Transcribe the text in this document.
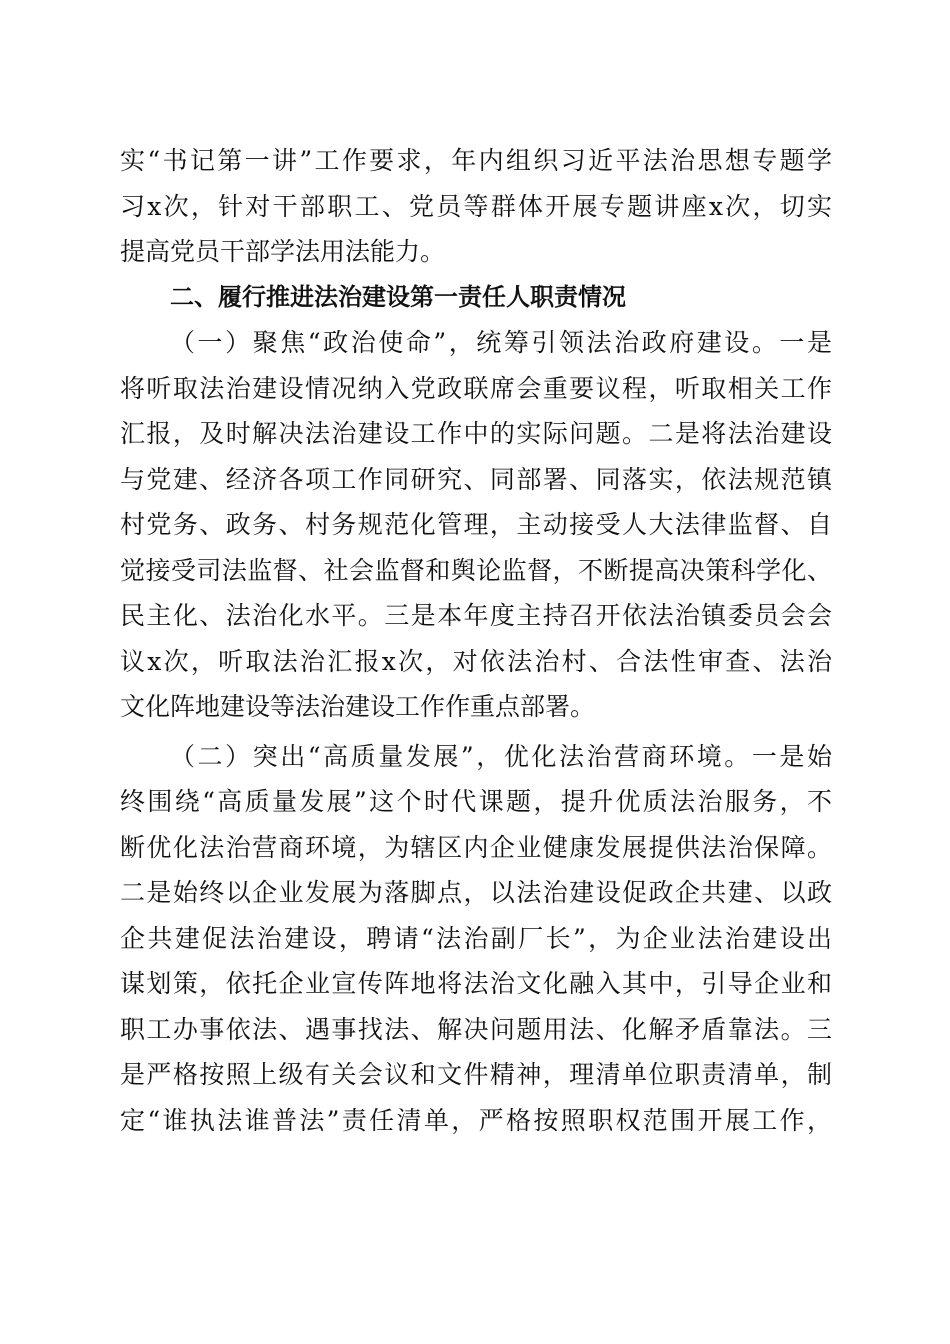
实“书记第一讲”工作要求，年内组织习近平法治思想专题学
习x次，针对干部职工、党员等群体开展专题讲座x次，切实
提高党员干部学法用法能力。
二、履行推进法治建设第一责任人职责情况
（一）聚焦“政治使命”，统筹引领法治政府建设。一是
将听取法治建设情况纳入党政联席会重要议程，听取相关工作
汇报，及时解决法治建设工作中的实际问题。二是将法治建设
与党建、经济各项工作同研究、同部署、同落实，依法规范镇
村党务、政务、村务规范化管理，主动接受人大法律监督、自
觉接受司法监督、社会监督和舆论监督，不断提高决策科学化、
民主化、法治化水平。三是本年度主持召开依法治镇委员会会
议x次，听取法治汇报x次，对依法治村、合法性审查、法治
文化阵地建设等法治建设工作作重点部署。
（二）突出“高质量发展”，优化法治营商环境。一是始
终围绕“高质量发展”这个时代课题，提升优质法治服务，不
断优化法治营商环境，为辖区内企业健康发展提供法治保障。
二是始终以企业发展为落脚点，以法治建设促政企共建、以政
企共建促法治建设，聘请“法治副厂长”，为企业法治建设出
谋划策，依托企业宣传阵地将法治文化融入其中，引导企业和
职工办事依法、遇事找法、解决问题用法、化解矛盾靠法。三
是严格按照上级有关会议和文件精神，理清单位职责清单，制
定“谁执法谁普法”责任清单，严格按照职权范围开展工作，
